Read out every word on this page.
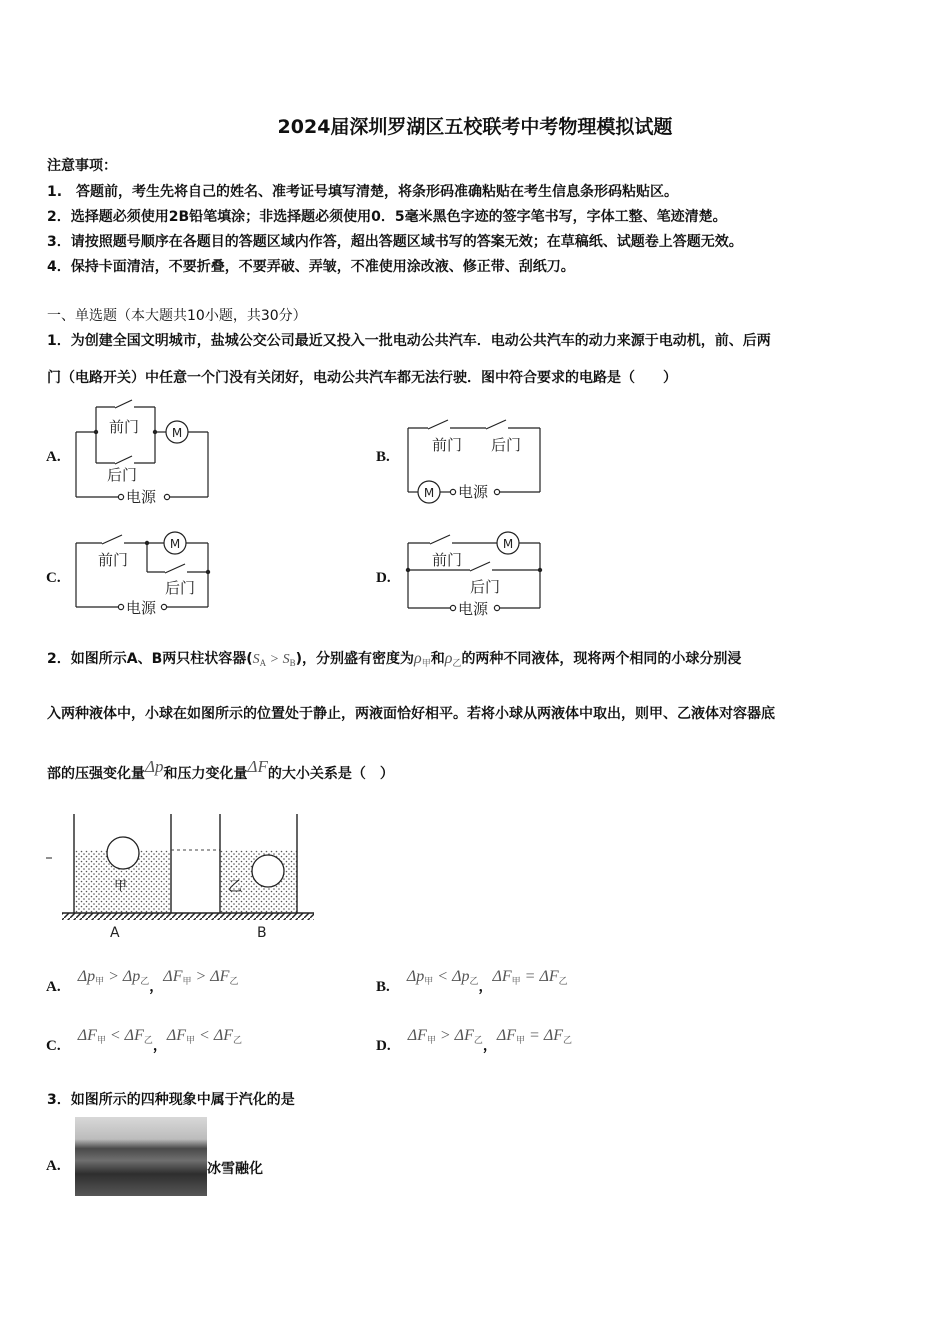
2024届深圳罗湖区五校联考中考物理模拟试题
注意事项：
1.　答题前，考生先将自己的姓名、准考证号填写清楚，将条形码准确粘贴在考生信息条形码粘贴区。
2．选择题必须使用2B铅笔填涂；非选择题必须使用0．5毫米黑色字迹的签字笔书写，字体工整、笔迹清楚。
3．请按照题号顺序在各题目的答题区域内作答，超出答题区域书写的答案无效；在草稿纸、试题卷上答题无效。
4．保持卡面清洁，不要折叠，不要弄破、弄皱，不准使用涂改液、修正带、刮纸刀。
一、单选题（本大题共10小题，共30分）
1．为创建全国文明城市，盐城公交公司最近又投入一批电动公共汽车．电动公共汽车的动力来源于电动机，前、后两
门（电路开关）中任意一个门没有关闭好，电动公共汽车都无法行驶．图中符合要求的电路是（　　）
A.	B.
C.	D.
前门
后门
电源
前门 后门
电源
前门
后门
电源
前门
后门
电源
M
M
M	M
2．如图所示A、B两只柱状容器$(S_A > S_B)$，分别盛有密度为$\rho_甲$和$\rho_乙$的两种不同液体，现将两个相同的小球分别浸
入两种液体中，小球在如图所示的位置处于静止，两液面恰好相平。若将小球从两液体中取出，则甲、乙液体对容器底
部的压强变化量Δp和压力变化量ΔF的大小关系是（　）
甲	乙
A	B
A. $\Delta p_甲 > \Delta p_乙$，$\Delta F_甲 > \Delta F_乙$	B. $\Delta p_甲 < \Delta p_乙$，$\Delta F_甲 = \Delta F_乙$
C. $\Delta F_甲 < \Delta F_乙$，$\Delta F_甲 < \Delta F_乙$	D. $\Delta F_甲 > \Delta F_乙$，$\Delta F_甲 = \Delta F_乙$
3．如图所示的四种现象中属于汽化的是
A.	冰雪融化
